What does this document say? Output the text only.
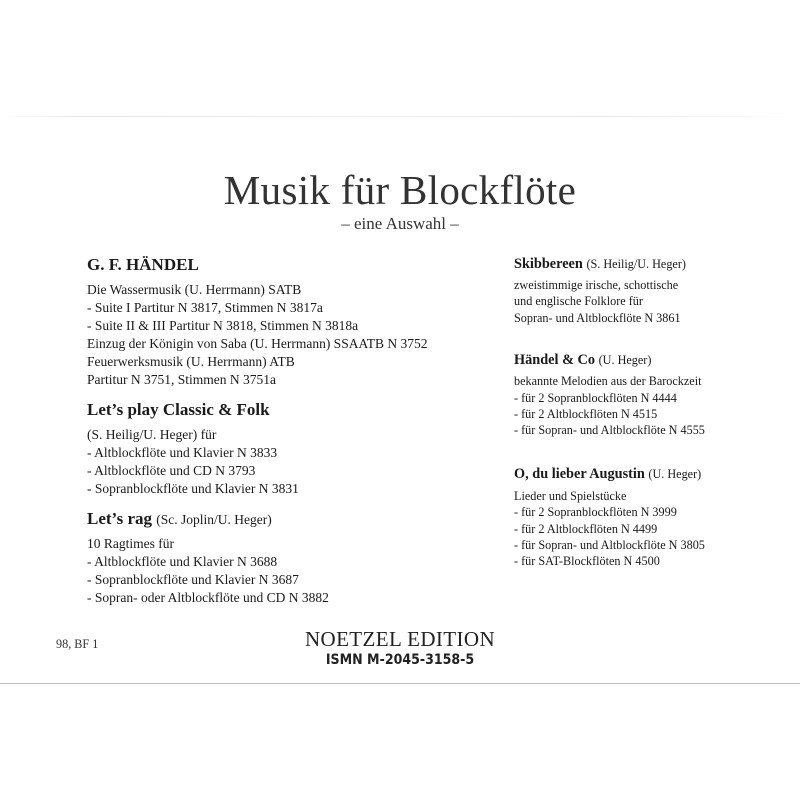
Musik für Blockflöte
– eine Auswahl –
G. F. HÄNDEL
Die Wassermusik (U. Herrmann) SATB
- Suite I Partitur N 3817, Stimmen N 3817a
- Suite II & III Partitur N 3818, Stimmen N 3818a
Einzug der Königin von Saba (U. Herrmann) SSAATB N 3752
Feuerwerksmusik (U. Herrmann) ATB
Partitur N 3751, Stimmen N 3751a
Let’s play Classic & Folk
(S. Heilig/U. Heger) für
- Altblockflöte und Klavier N 3833
- Altblockflöte und CD N 3793
- Sopranblockflöte und Klavier N 3831
Let’s rag (Sc. Joplin/U. Heger)
10 Ragtimes für
- Altblockflöte und Klavier N 3688
- Sopranblockflöte und Klavier N 3687
- Sopran- oder Altblockflöte und CD N 3882
Skibbereen (S. Heilig/U. Heger)
zweistimmige irische, schottische
und englische Folklore für
Sopran- und Altblockflöte N 3861
Händel & Co (U. Heger)
bekannte Melodien aus der Barockzeit
- für 2 Sopranblockflöten N 4444
- für 2 Altblockflöten N 4515
- für Sopran- und Altblockflöte N 4555
O, du lieber Augustin (U. Heger)
Lieder und Spielstücke
- für 2 Sopranblockflöten N 3999
- für 2 Altblockflöten N 4499
- für Sopran- und Altblockflöte N 3805
- für SAT-Blockflöten N 4500
98, BF 1	NOETZEL EDITION
ISMN M-2045-3158-5
